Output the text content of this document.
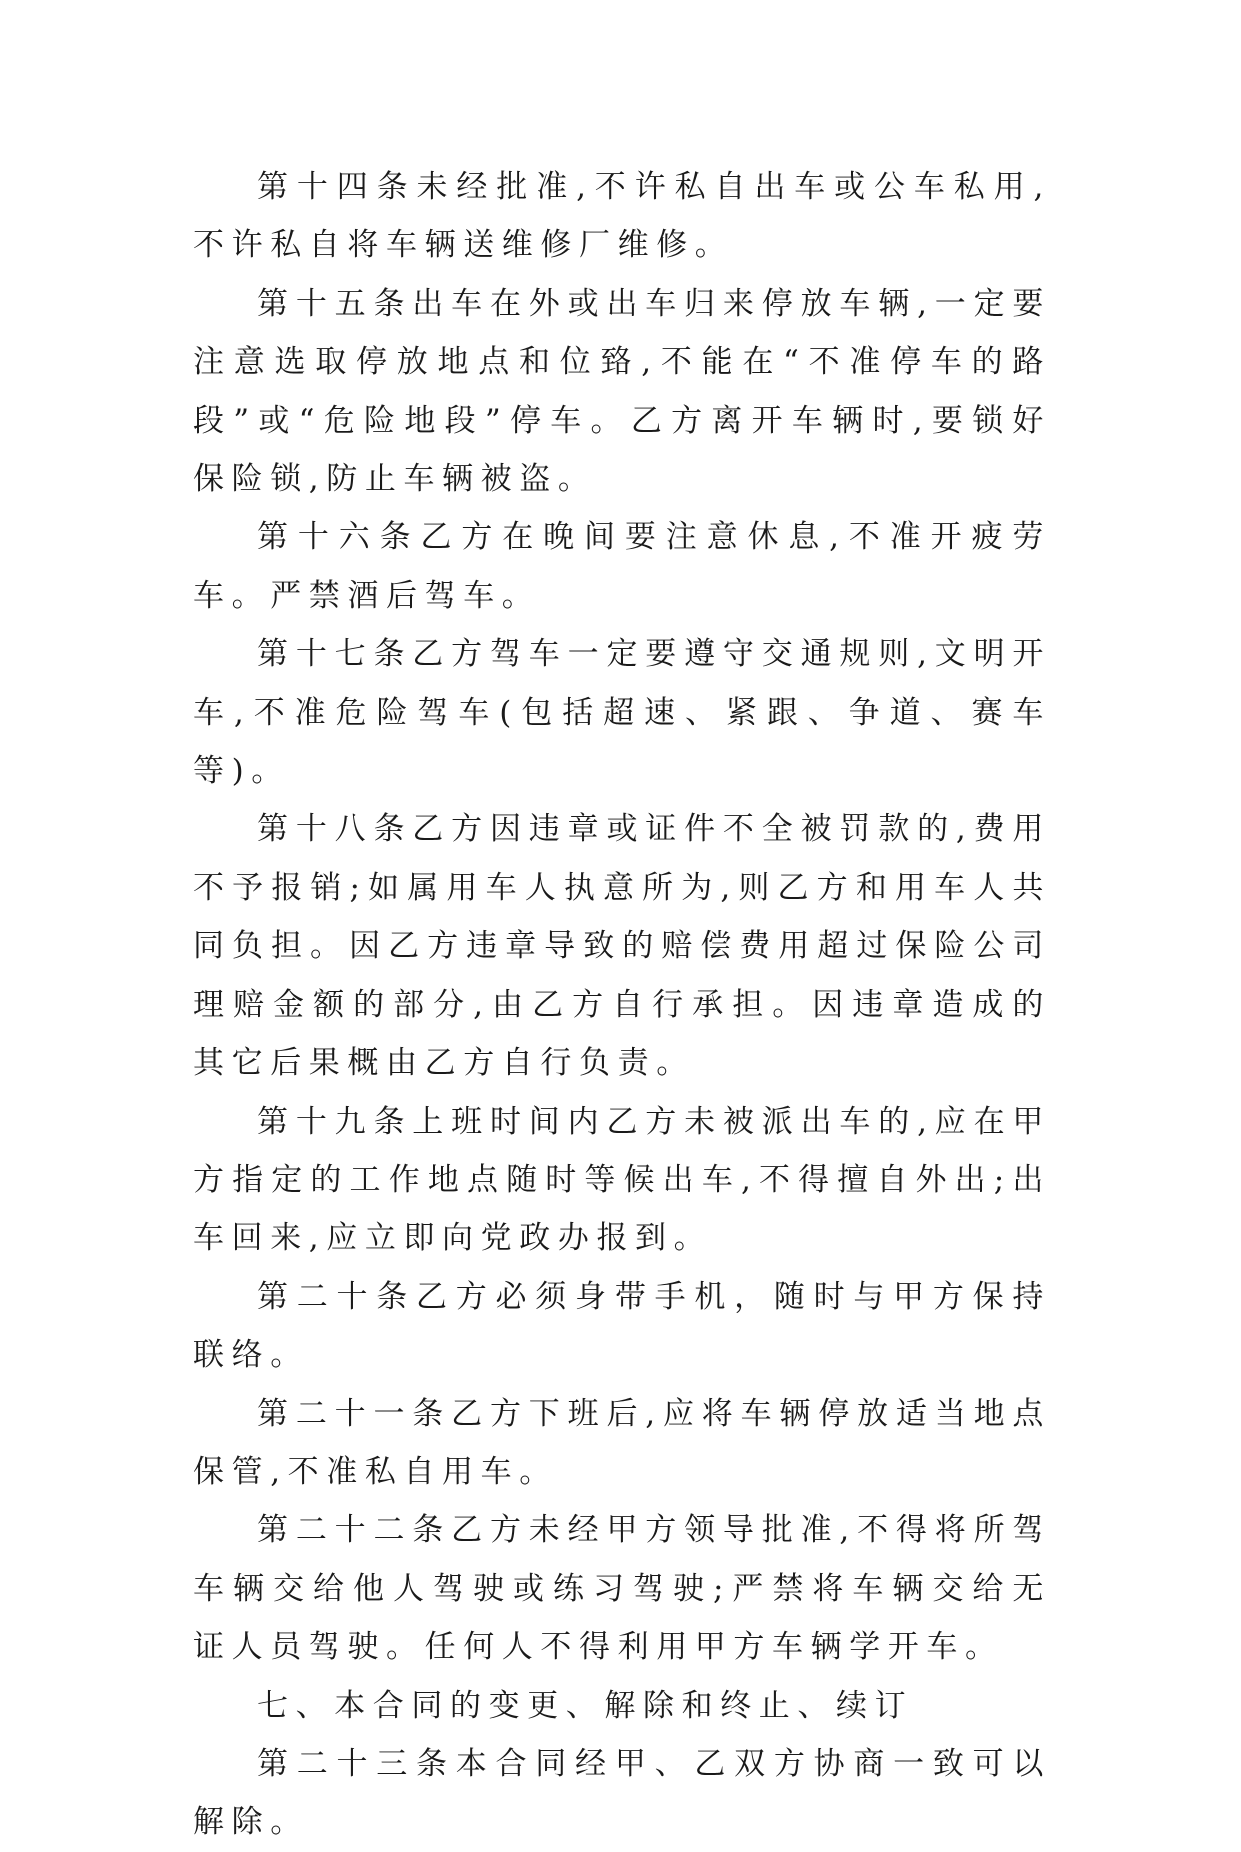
第十四条未经批准,不许私自出车或公车私用, 不许私自将车辆送维修厂维修。

第十五条出车在外或出车归来停放车辆,一定要注意选取停放地点和位臵,不能在“不准停车的路段”或“危险地段”停车。乙方离开车辆时,要锁好保险锁,防止车辆被盗。

第十六条乙方在晚间要注意休息,不准开疲劳车。严禁酒后驾车。

第十七条乙方驾车一定要遵守交通规则,文明开车,不准危险驾车(包括超速、紧跟、争道、赛车等)。

第十八条乙方因违章或证件不全被罚款的,费用不予报销;如属用车人执意所为,则乙方和用车人共同负担。因乙方违章导致的赔偿费用超过保险公司理赔金额的部分,由乙方自行承担。因违章造成的其它后果概由乙方自行负责。

第十九条上班时间内乙方未被派出车的,应在甲方指定的工作地点随时等候出车,不得擅自外出;出车回来,应立即向党政办报到。

第二十条乙方必须身带手机，随时与甲方保持联络。

第二十一条乙方下班后,应将车辆停放适当地点保管,不准私自用车。

第二十二条乙方未经甲方领导批准,不得将所驾车辆交给他人驾驶或练习驾驶;严禁将车辆交给无证人员驾驶。任何人不得利用甲方车辆学开车。

七、本合同的变更、解除和终止、续订

第二十三条本合同经甲、乙双方协商一致可以解除。
